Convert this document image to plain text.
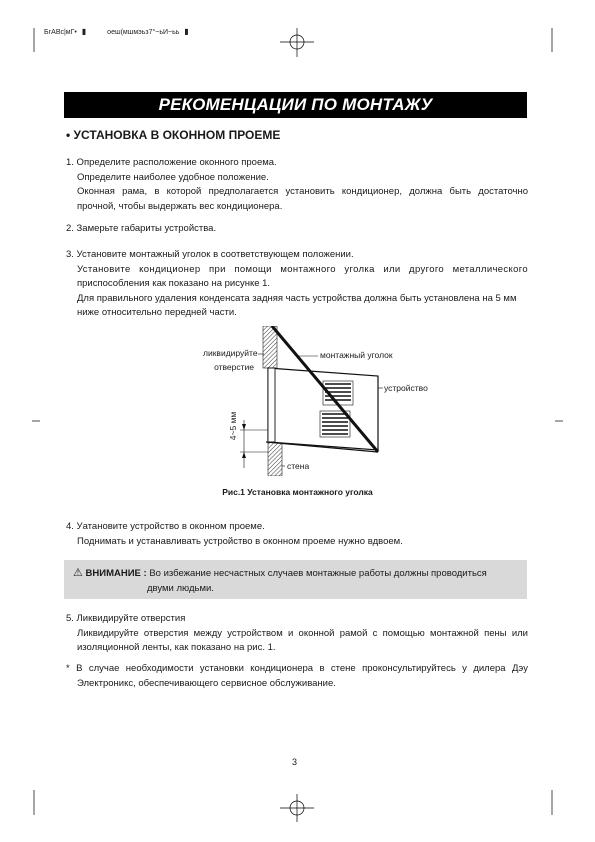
БгАВс|мГ• ▮	оеш(мшмэьз7°~ьИ~ьь ▮
РЕКОМЕНЦАЦИИ ПО МОНТАЖУ
• УСТАНОВКА В ОКОННОМ ПРОЕМЕ
1. Определите расположение оконного проема.
Определите наиболее удобное положение.
Оконная рама, в которой предполагается установить кондиционер, должна быть достаточно
прочной, чтобы выдержать вес кондиционера.
2. Замерьте габариты устройства.
3. Установите монтажный уголок в соответствующем положении.
Установите кондиционер при помощи монтажного уголка или другого металлического
приспособления как показано на рисунке 1.
Для правильного удаления конденсата задняя часть устройства должна быть установлена на 5 мм
ниже относительно передней части.
ликвидируйте
отверстие
монтажный уголок
устройство
4~5 мм
стена
Рис.1 Установка монтажного уголка
4. Уатановите устройство в оконном проеме.
Поднимать и устанавливать устройство в оконном проеме нужно вдвоем.
⚠ ВНИМАНИЕ : Во избежание несчастных случаев монтажные работы должны проводиться
двуми людьми.
5. Ликвидируйте отверстия
Ликвидируйте отверстия между устройством и оконной рамой с помощью монтажной пены или
изоляционной ленты, как показано на рис. 1.
* В случае необходимости установки кондиционера в стене проконсультируйтесь у дилера Дэу
Электроникс, обеспечивающего сервисное обслуживание.
3
